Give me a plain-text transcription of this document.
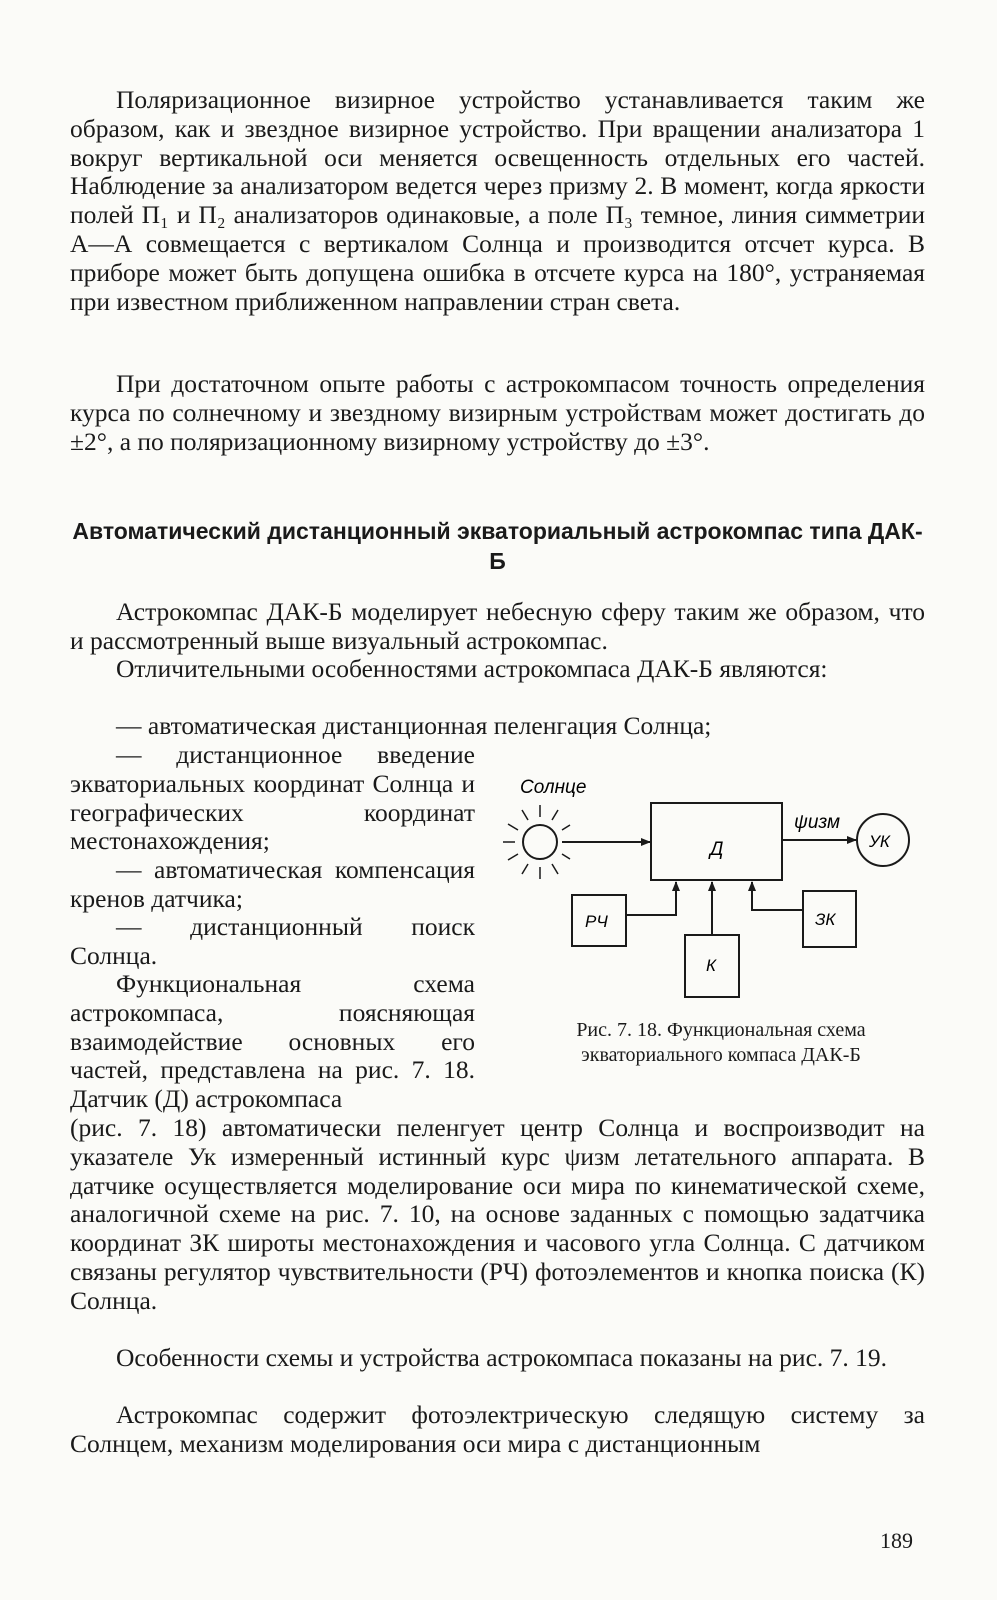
Поляризационное визирное устройство устанавливается таким же образом, как и звездное визирное устройство. При вращении анализатора 1 вокруг вертикальной оси меняется освещенность отдельных его частей. Наблюдение за анализатором ведется через призму 2. В момент, когда яркости полей П₁ и П₂ анализаторов одинаковые, а поле П₃ темное, линия симметрии А—А совмещается с вертикалом Солнца и производится отсчет курса. В приборе может быть допущена ошибка в отсчете курса на 180°, устраняемая при известном приближенном направлении стран света.

При достаточном опыте работы с астрокомпасом точность определения курса по солнечному и звездному визирным устройствам может достигать до ±2°, а по поляризационному визирному устройству до ±3°.

Автоматический дистанционный экваториальный астрокомпас типа ДАК-Б

Астрокомпас ДАК-Б моделирует небесную сферу таким же образом, что и рассмотренный выше визуальный астрокомпас.

Отличительными особенностями астрокомпаса ДАК-Б являются:

— автоматическая дистанционная пеленгация Солнца;

— дистанционное введение экваториальных координат Солнца и географических координат местонахождения;

— автоматическая компенсация кренов датчика;

— дистанционный поиск Солнца.

Функциональная схема астрокомпаса, поясняющая взаимодействие основных его частей, представлена на рис. 7. 18. Датчик (Д) астрокомпаса

(рис. 7. 18) автоматически пеленгует центр Солнца и воспроизводит на указателе Ук измеренный истинный курс ψизм летательного аппарата. В датчике осуществляется моделирование оси мира по кинематической схеме, аналогичной схеме на рис. 7. 10, на основе заданных с помощью задатчика координат ЗК широты местонахождения и часового угла Солнца. С датчиком связаны регулятор чувствительности (РЧ) фотоэлементов и кнопка поиска (К) Солнца.

Особенности схемы и устройства астрокомпаса показаны на рис. 7. 19.

Астрокомпас содержит фотоэлектрическую следящую систему за Солнцем, механизм моделирования оси мира с дистанционным

Солнце
Д
ψизм
УК
РЧ
К
ЗК

Рис. 7. 18. Функциональная схема экваториального компаса ДАК-Б

189
